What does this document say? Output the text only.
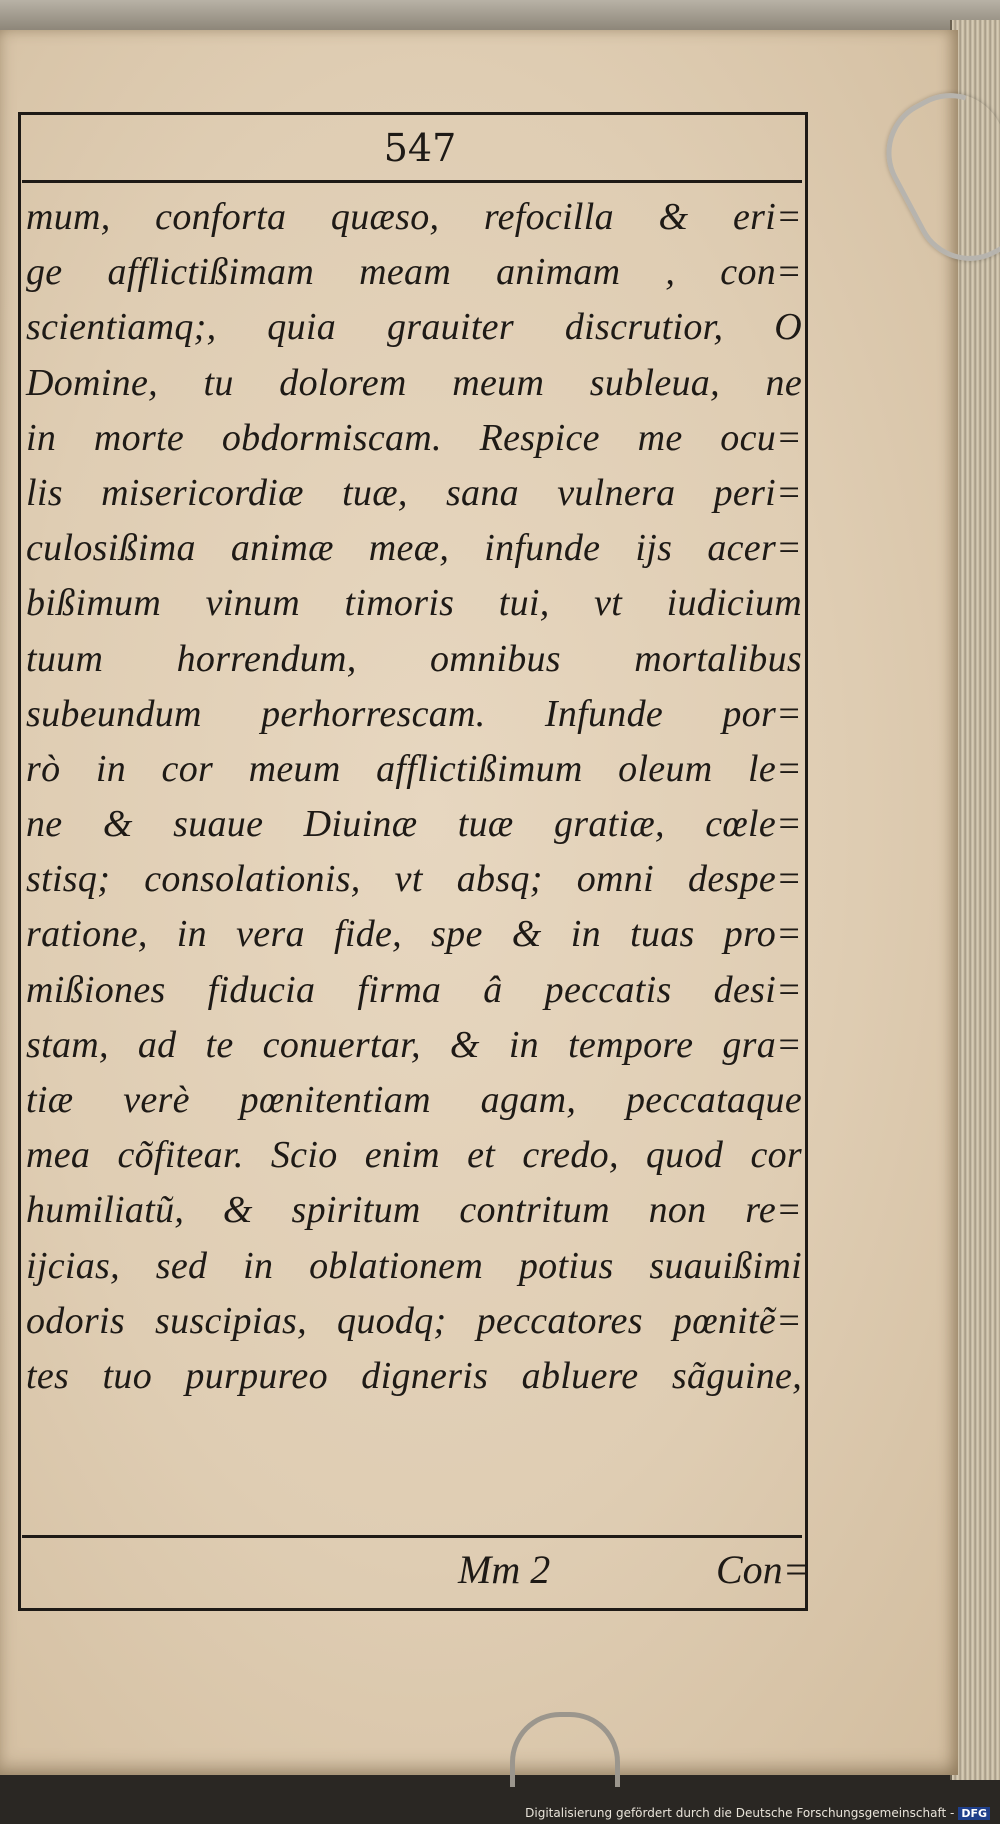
547
mum, conforta quæso, refocilla & eri=
ge afflictißimam meam animam , con=
scientiamq;, quia grauiter discrutior, O
Domine, tu dolorem meum subleua, ne
in morte obdormiscam. Respice me ocu=
lis misericordiæ tuæ, sana vulnera peri=
culosißima animæ meæ, infunde ijs acer=
bißimum vinum timoris tui, vt iudicium
tuum horrendum, omnibus mortalibus
subeundum perhorrescam. Infunde por=
rò in cor meum afflictißimum oleum le=
ne & suaue Diuinæ tuæ gratiæ, cœle=
stisq; consolationis, vt absq; omni despe=
ratione, in vera fide, spe & in tuas pro=
mißiones fiducia firma â peccatis desi=
stam, ad te conuertar, & in tempore gra=
tiæ verè pœnitentiam agam, peccataque
mea cõfitear. Scio enim et credo, quod cor
humiliatũ, & spiritum contritum non re=
ijcias, sed in oblationem potius suauißimi
odoris suscipias, quodq; peccatores pœnitẽ=
tes tuo purpureo digneris abluere sãguine,
Mm 2	Con=
Digitalisierung gefördert durch die Deutsche Forschungsgemeinschaft - DFG
